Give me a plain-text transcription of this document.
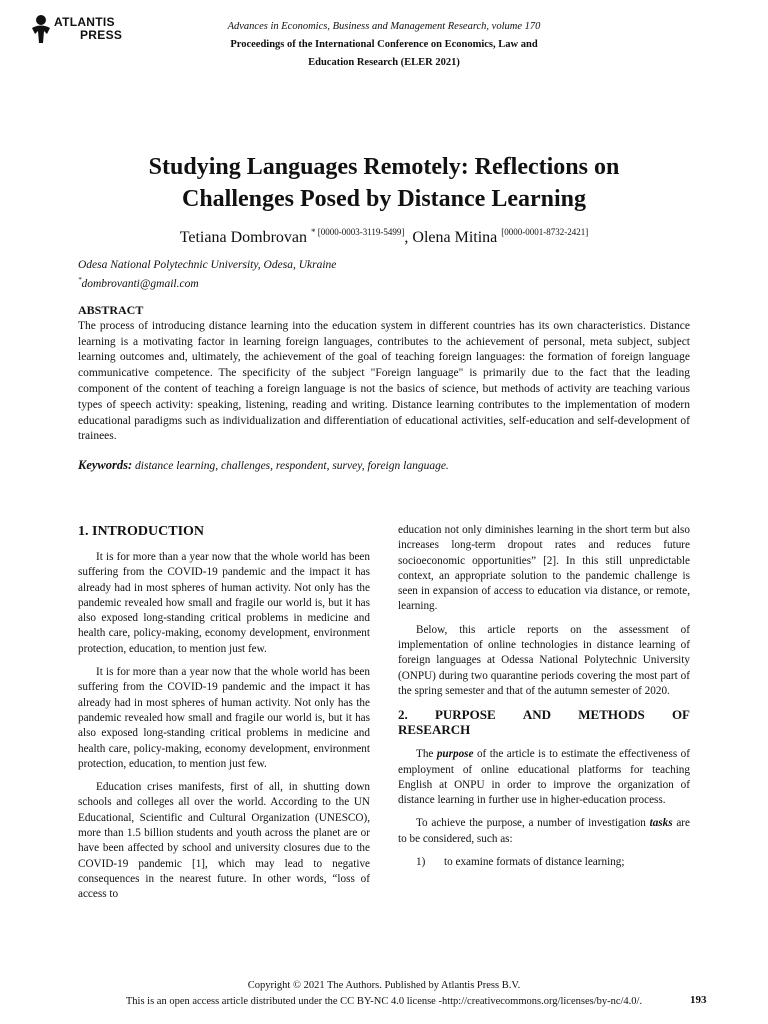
ATLANTIS
PRESS
Advances in Economics, Business and Management Research, volume 170
Proceedings of the International Conference on Economics, Law and
Education Research (ELER 2021)
Studying Languages Remotely: Reflections on
Challenges Posed by Distance Learning
Tetiana Dombrovan $^{* [0000-0003-3119-5499]}$, Olena Mitina [0000-0001-8732-2421]
Odesa National Polytechnic University, Odesa, Ukraine
*dombrovanti@gmail.com
ABSTRACT
The process of introducing distance learning into the education system in different countries has its own characteristics. Distance learning is a motivating factor in learning foreign languages, contributes to the achievement of personal, meta subject, subject learning outcomes and, ultimately, the achievement of the goal of teaching foreign languages: the formation of foreign language communicative competence. The specificity of the subject "Foreign language" is primarily due to the fact that the leading component of the content of teaching a foreign language is not the basics of science, but methods of activity are teaching various types of speech activity: speaking, listening, reading and writing. Distance learning contributes to the implementation of modern educational paradigms such as individualization and differentiation of educational activities, self-education and self-development of trainees.
Keywords: distance learning, challenges, respondent, survey, foreign language.
1. INTRODUCTION

It is for more than a year now that the whole world has been suffering from the COVID-19 pandemic and the impact it has already had in most spheres of human activity. Not only has the pandemic revealed how small and fragile our world is, but it has also exposed long-standing critical problems in medicine and health care, policy-making, economy development, environment protection, education, to mention just few.

It is for more than a year now that the whole world has been suffering from the COVID-19 pandemic and the impact it has already had in most spheres of human activity. Not only has the pandemic revealed how small and fragile our world is, but it has also exposed long-standing critical problems in medicine and health care, policy-making, economy development, environment protection, education, to mention just few.

Education crises manifests, first of all, in shutting down schools and colleges all over the world. According to the UN Educational, Scientific and Cultural Organization (UNESCO), more than 1.5 billion students and youth across the planet are or have been affected by school and university closures due to the COVID-19 pandemic [1], which may lead to negative consequences in the nearest future. In other words, “loss of access to

education not only diminishes learning in the short term but also increases long-term dropout rates and reduces future socioeconomic opportunities” [2]. In this still unpredictable context, an appropriate solution to the pandemic challenge is seen in expansion of access to education via distance, or remote, learning.

Below, this article reports on the assessment of implementation of online technologies in distance learning of foreign languages at Odessa National Polytechnic University (ONPU) during two quarantine periods covering the most part of the spring semester and that of the autumn semester of 2020.

2. PURPOSE AND METHODS OF
RESEARCH

The purpose of the article is to estimate the effectiveness of employment of online educational platforms for teaching English at ONPU in order to improve the organization of distance learning in further use in higher-education process.

To achieve the purpose, a number of investigation tasks are to be considered, such as:

1) to examine formats of distance learning;
Copyright © 2021 The Authors. Published by Atlantis Press B.V.
This is an open access article distributed under the CC BY-NC 4.0 license -http://creativecommons.org/licenses/by-nc/4.0/.	193
